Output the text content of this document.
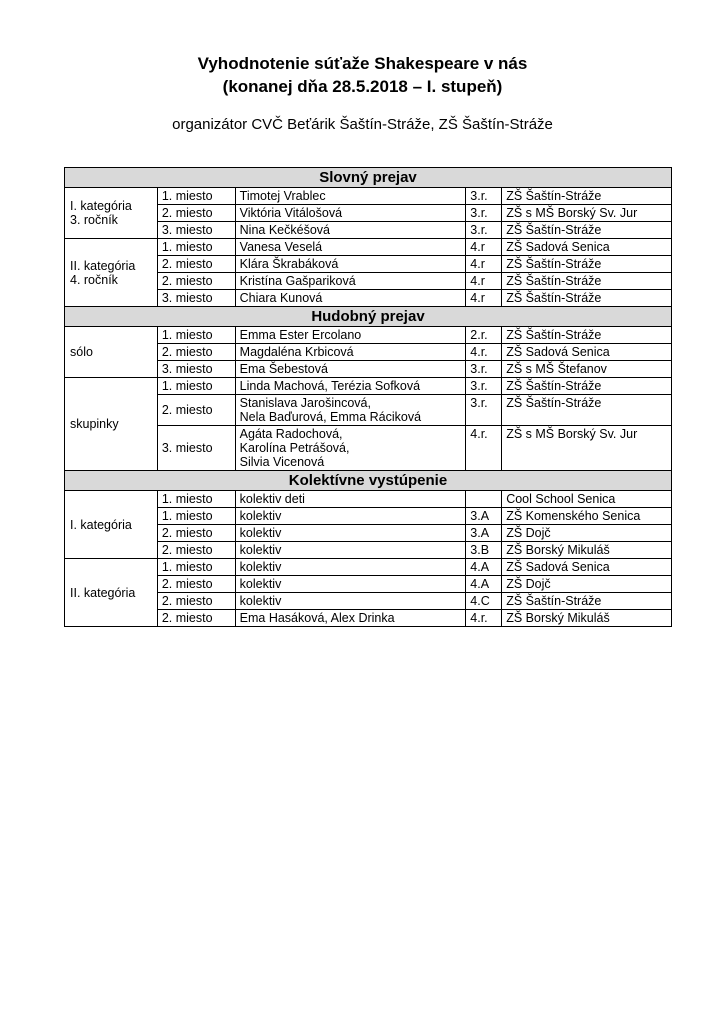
Vyhodnotenie súťaže Shakespeare v nás
(konanej dňa 28.5.2018 – I. stupeň)
organizátor CVČ Beťárik Šaštín-Stráže, ZŠ Šaštín-Stráže
Slovný prejav				
I. kategória
3. ročník	1. miesto	Timotej Vrablec	3.r.	ZŠ Šaštín-Stráže
	2. miesto	Viktória Vitálošová	3.r.	ZŠ s MŠ Borský Sv. Jur
	3. miesto	Nina Kečkéšová	3.r.	ZŠ Šaštín-Stráže
II. kategória
4. ročník	1. miesto	Vanesa Veselá	4.r	ZŠ Sadová Senica
	2. miesto	Klára Škrabáková	4.r	ZŠ Šaštín-Stráže
	2. miesto	Kristína Gašpariková	4.r	ZŠ Šaštín-Stráže
	3. miesto	Chiara Kunová	4.r	ZŠ Šaštín-Stráže
Hudobný prejav				
sólo	1. miesto	Emma Ester Ercolano	2.r.	ZŠ Šaštín-Stráže
	2. miesto	Magdaléna Krbicová	4.r.	ZŠ Sadová Senica
	3. miesto	Ema Šebestová	3.r.	ZŠ s MŠ Štefanov
skupinky	1. miesto	Linda Machová, Terézia Sofková	3.r.	ZŠ Šaštín-Stráže
	2. miesto	Stanislava Jarošincová,
Nela Baďurová, Emma Ráciková	3.r.	ZŠ Šaštín-Stráže
	3. miesto	Agáta Radochová,
Karolína Petrášová,
Silvia Vicenová	4.r.	ZŠ s MŠ Borský Sv. Jur
Kolektívne vystúpenie				
I. kategória	1. miesto	kolektiv deti		Cool School Senica
	1. miesto	kolektiv	3.A	ZŠ Komenského Senica
	2. miesto	kolektiv	3.A	ZŠ Dojč
	2. miesto	kolektiv	3.B	ZŠ Borský Mikuláš
II. kategória	1. miesto	kolektiv	4.A	ZŠ Sadová Senica
	2. miesto	kolektiv	4.A	ZŠ Dojč
	2. miesto	kolektiv	4.C	ZŠ Šaštín-Stráže
	2. miesto	Ema Hasáková, Alex Drinka	4.r.	ZŠ Borský Mikuláš
